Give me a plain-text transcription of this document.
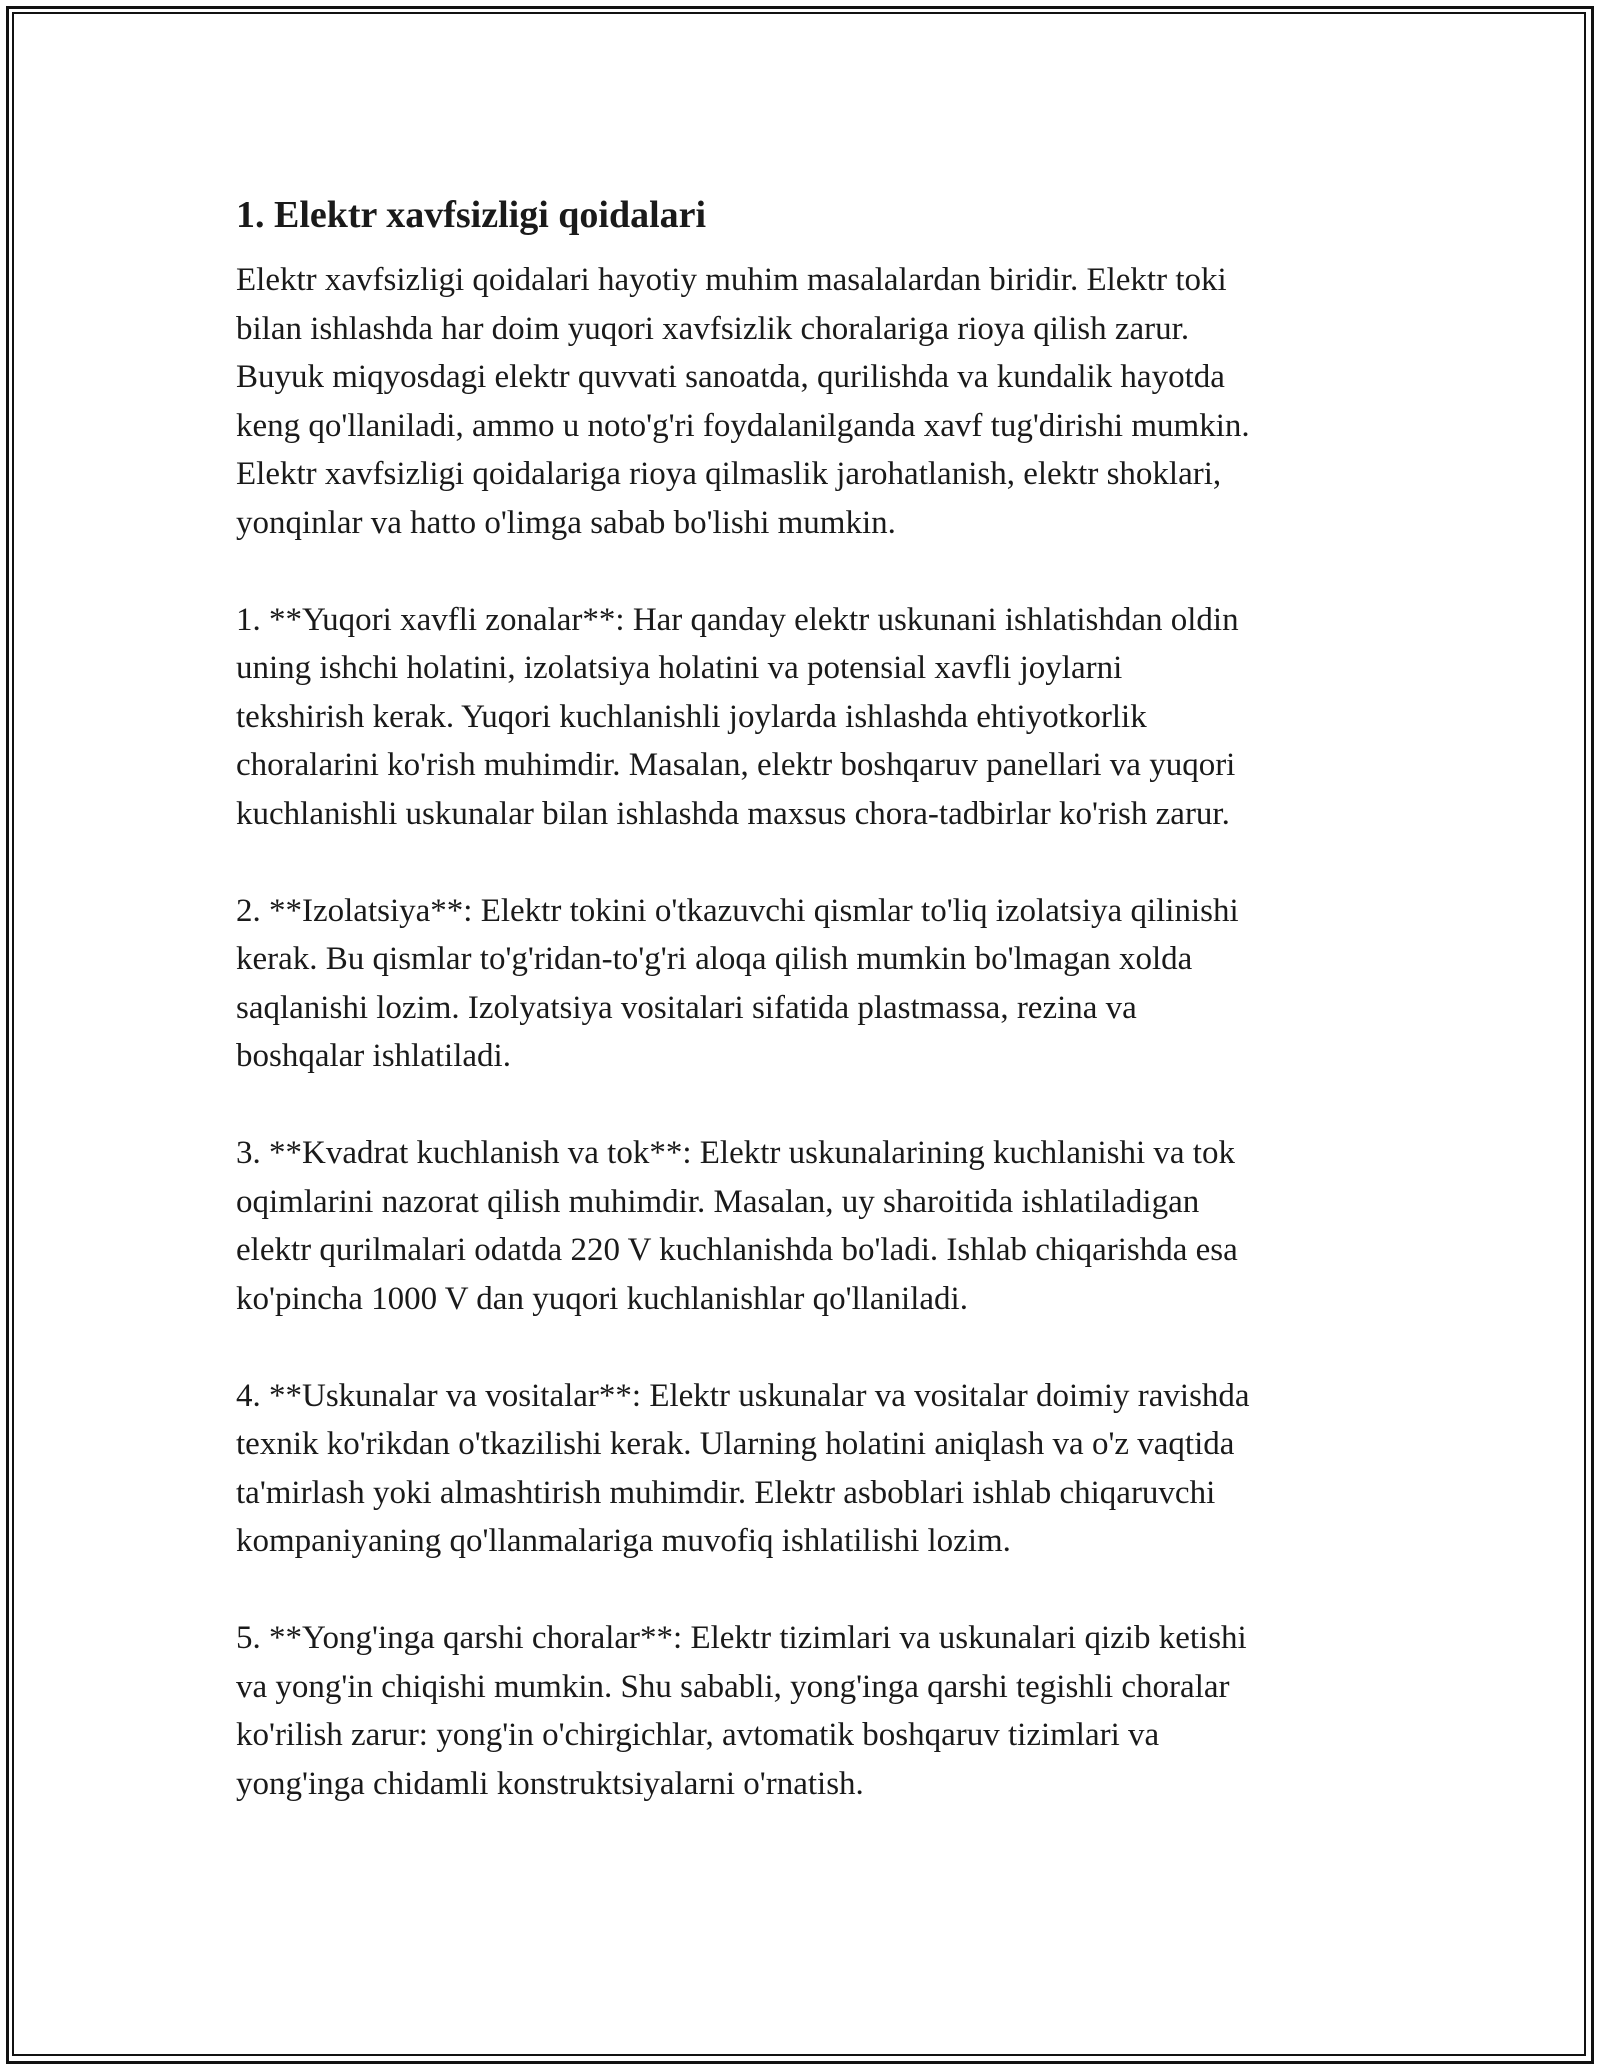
1. Elektr xavfsizligi qoidalari

Elektr xavfsizligi qoidalari hayotiy muhim masalalardan biridir. Elektr toki
bilan ishlashda har doim yuqori xavfsizlik choralariga rioya qilish zarur.
Buyuk miqyosdagi elektr quvvati sanoatda, qurilishda va kundalik hayotda
keng qo'llaniladi, ammo u noto'g'ri foydalanilganda xavf tug'dirishi mumkin.
Elektr xavfsizligi qoidalariga rioya qilmaslik jarohatlanish, elektr shoklari,
yonqinlar va hatto o'limga sabab bo'lishi mumkin.

1. **Yuqori xavfli zonalar**: Har qanday elektr uskunani ishlatishdan oldin
uning ishchi holatini, izolatsiya holatini va potensial xavfli joylarni
tekshirish kerak. Yuqori kuchlanishli joylarda ishlashda ehtiyotkorlik
choralarini ko'rish muhimdir. Masalan, elektr boshqaruv panellari va yuqori
kuchlanishli uskunalar bilan ishlashda maxsus chora-tadbirlar ko'rish zarur.

2. **Izolatsiya**: Elektr tokini o'tkazuvchi qismlar to'liq izolatsiya qilinishi
kerak. Bu qismlar to'g'ridan-to'g'ri aloqa qilish mumkin bo'lmagan xolda
saqlanishi lozim. Izolyatsiya vositalari sifatida plastmassa, rezina va
boshqalar ishlatiladi.

3. **Kvadrat kuchlanish va tok**: Elektr uskunalarining kuchlanishi va tok
oqimlarini nazorat qilish muhimdir. Masalan, uy sharoitida ishlatiladigan
elektr qurilmalari odatda 220 V kuchlanishda bo'ladi. Ishlab chiqarishda esa
ko'pincha 1000 V dan yuqori kuchlanishlar qo'llaniladi.

4. **Uskunalar va vositalar**: Elektr uskunalar va vositalar doimiy ravishda
texnik ko'rikdan o'tkazilishi kerak. Ularning holatini aniqlash va o'z vaqtida
ta'mirlash yoki almashtirish muhimdir. Elektr asboblari ishlab chiqaruvchi
kompaniyaning qo'llanmalariga muvofiq ishlatilishi lozim.

5. **Yong'inga qarshi choralar**: Elektr tizimlari va uskunalari qizib ketishi
va yong'in chiqishi mumkin. Shu sababli, yong'inga qarshi tegishli choralar
ko'rilish zarur: yong'in o'chirgichlar, avtomatik boshqaruv tizimlari va
yong'inga chidamli konstruktsiyalarni o'rnatish.
